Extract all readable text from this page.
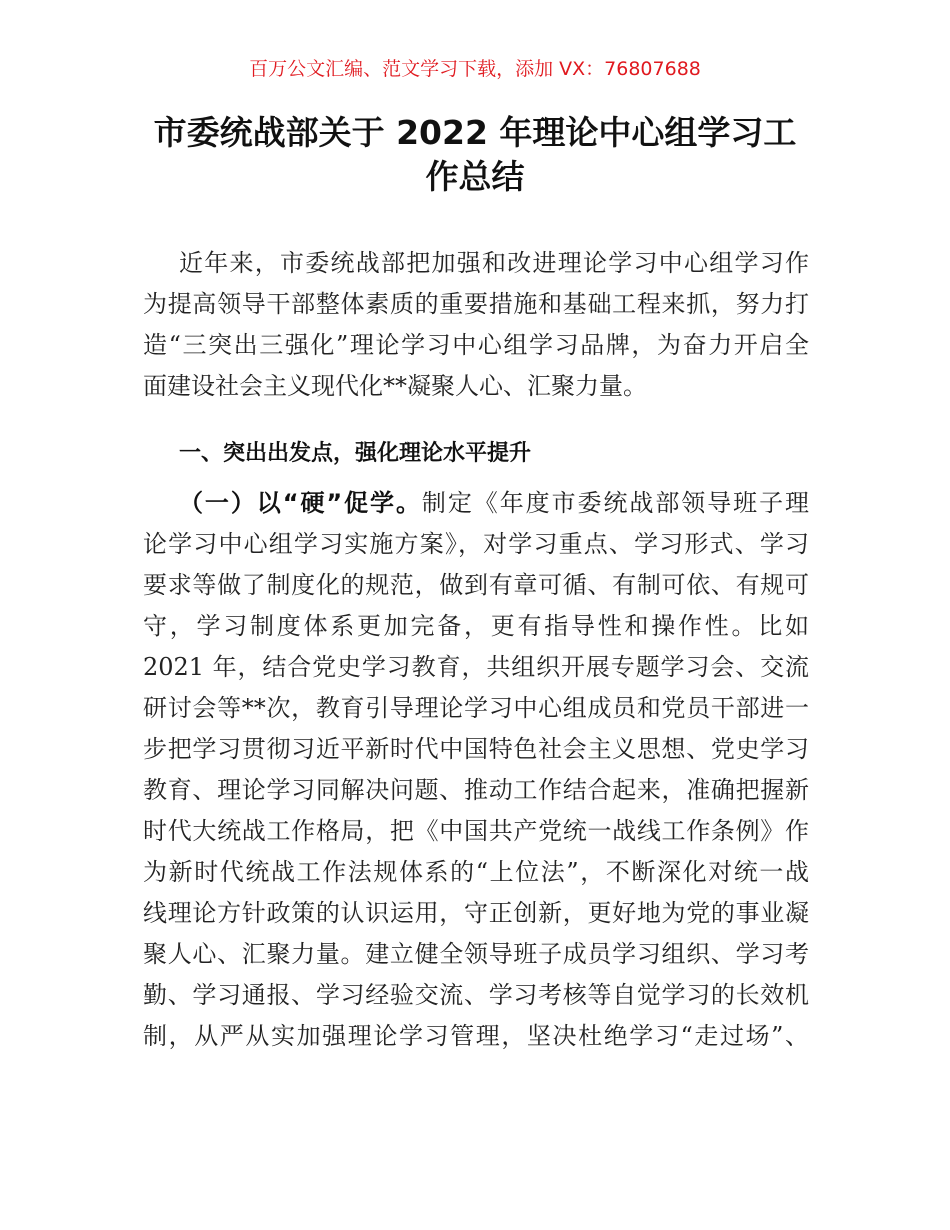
百万公文汇编、范文学习下载，添加 VX：76807688
市委统战部关于 2022 年理论中心组学习工
作总结
近年来，市委统战部把加强和改进理论学习中心组学习作
为提高领导干部整体素质的重要措施和基础工程来抓，努力打
造“三突出三强化”理论学习中心组学习品牌，为奋力开启全
面建设社会主义现代化**凝聚人心、汇聚力量。
一、突出出发点，强化理论水平提升
（一）以“硬”促学。制定《年度市委统战部领导班子理
论学习中心组学习实施方案》，对学习重点、学习形式、学习
要求等做了制度化的规范，做到有章可循、有制可依、有规可
守，学习制度体系更加完备，更有指导性和操作性。比如
2021 年，结合党史学习教育，共组织开展专题学习会、交流
研讨会等**次，教育引导理论学习中心组成员和党员干部进一
步把学习贯彻习近平新时代中国特色社会主义思想、党史学习
教育、理论学习同解决问题、推动工作结合起来，准确把握新
时代大统战工作格局，把《中国共产党统一战线工作条例》作
为新时代统战工作法规体系的“上位法”，不断深化对统一战
线理论方针政策的认识运用，守正创新，更好地为党的事业凝
聚人心、汇聚力量。建立健全领导班子成员学习组织、学习考
勤、学习通报、学习经验交流、学习考核等自觉学习的长效机
制，从严从实加强理论学习管理，坚决杜绝学习“走过场”、
